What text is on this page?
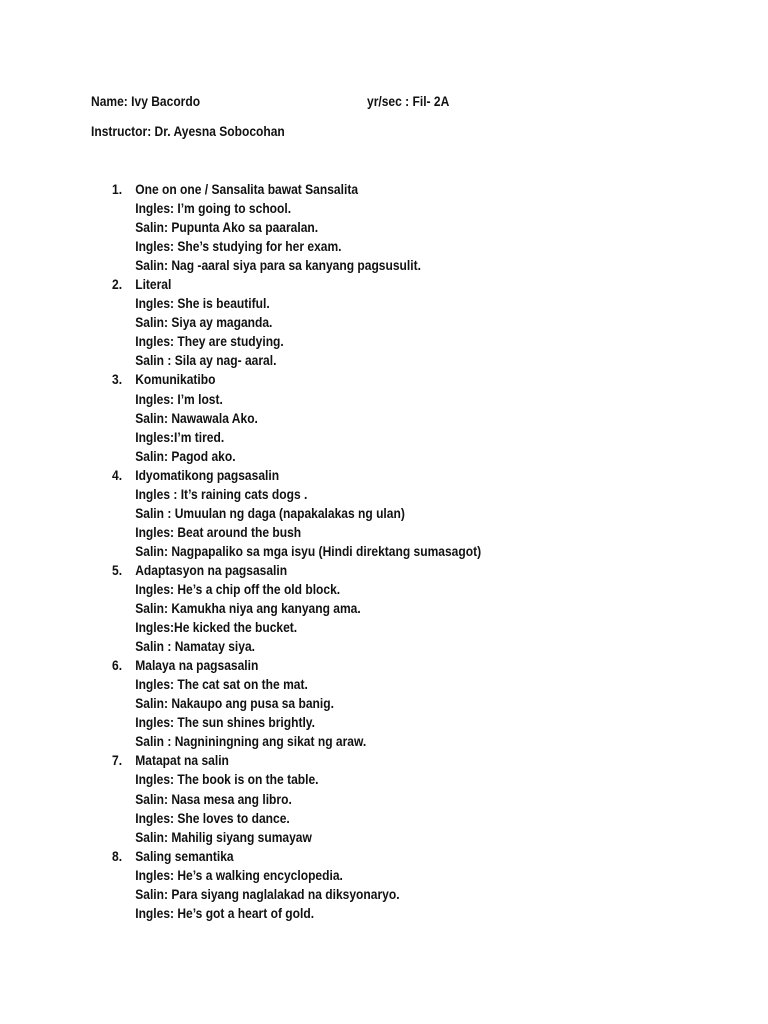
Name: Ivy Bacordo	yr/sec : Fil- 2A
Instructor: Dr. Ayesna Sobocohan
1. One on one / Sansalita bawat Sansalita
Ingles: I’m going to school.
Salin: Pupunta Ako sa paaralan.
Ingles: She’s studying for her exam.
Salin: Nag -aaral siya para sa kanyang pagsusulit.
2. Literal
Ingles: She is beautiful.
Salin: Siya ay maganda.
Ingles: They are studying.
Salin : Sila ay nag- aaral.
3. Komunikatibo
Ingles: I’m lost.
Salin: Nawawala Ako.
Ingles:I’m tired.
Salin: Pagod ako.
4. Idyomatikong pagsasalin
Ingles : It’s raining cats dogs .
Salin : Umuulan ng daga (napakalakas ng ulan)
Ingles: Beat around the bush
Salin: Nagpapaliko sa mga isyu (Hindi direktang sumasagot)
5. Adaptasyon na pagsasalin
Ingles: He’s a chip off the old block.
Salin: Kamukha niya ang kanyang ama.
Ingles:He kicked the bucket.
Salin : Namatay siya.
6. Malaya na pagsasalin
Ingles: The cat sat on the mat.
Salin: Nakaupo ang pusa sa banig.
Ingles: The sun shines brightly.
Salin : Nagniningning ang sikat ng araw.
7. Matapat na salin
Ingles: The book is on the table.
Salin: Nasa mesa ang libro.
Ingles: She loves to dance.
Salin: Mahilig siyang sumayaw
8. Saling semantika
Ingles: He’s a walking encyclopedia.
Salin: Para siyang naglalakad na diksyonaryo.
Ingles: He’s got a heart of gold.
